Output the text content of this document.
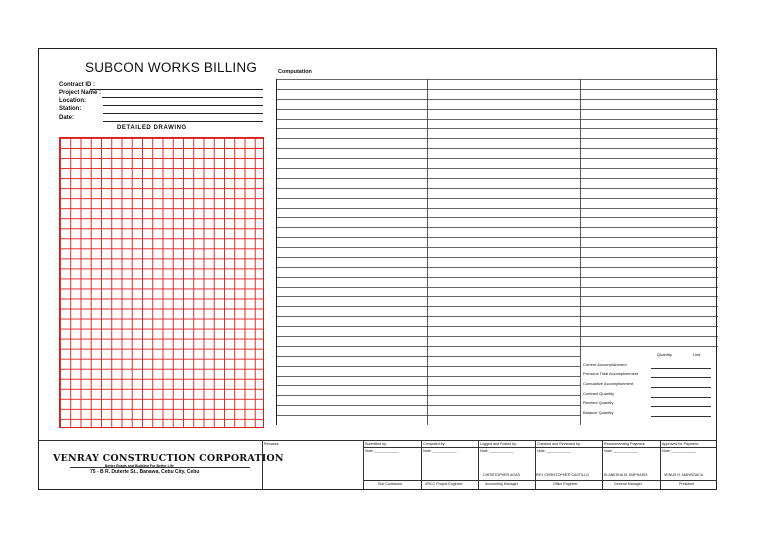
SUBCON WORKS BILLING
Contract ID :
Project Name :
Location:
Station:
Date:
DETAILED DRAWING
Computation
Quantity	Unit
Current Accomplishment
Previous Total Accomplishment
Cumulative Accomplishment
Contract Quantity
Revised Quantity
Balance Quantity
VENRAY CONSTRUCTION CORPORATION
Better Roads and Building For Better Life
75 - B R. Duterte St., Banawa, Cebu City, Cebu
Remarks:	Submitted by:
Note: ____________
Sub Contractor
Computed by:
Note: ____________
VRCC Project Engineer
Logged and Posted by:
Note: ____________
CHRISTOPHER AGAS
Accounting Manager
Checked and Reviewed by:
Note: ____________
REY CHRISTOPHER CASTILLO
Office Engineer
Recommending Payment:
Note: ____________
ELANESHA M. EMPHASIS
General Manager
Approved for Payment:
Note: ____________
VENUS H. MANISSACA
President
